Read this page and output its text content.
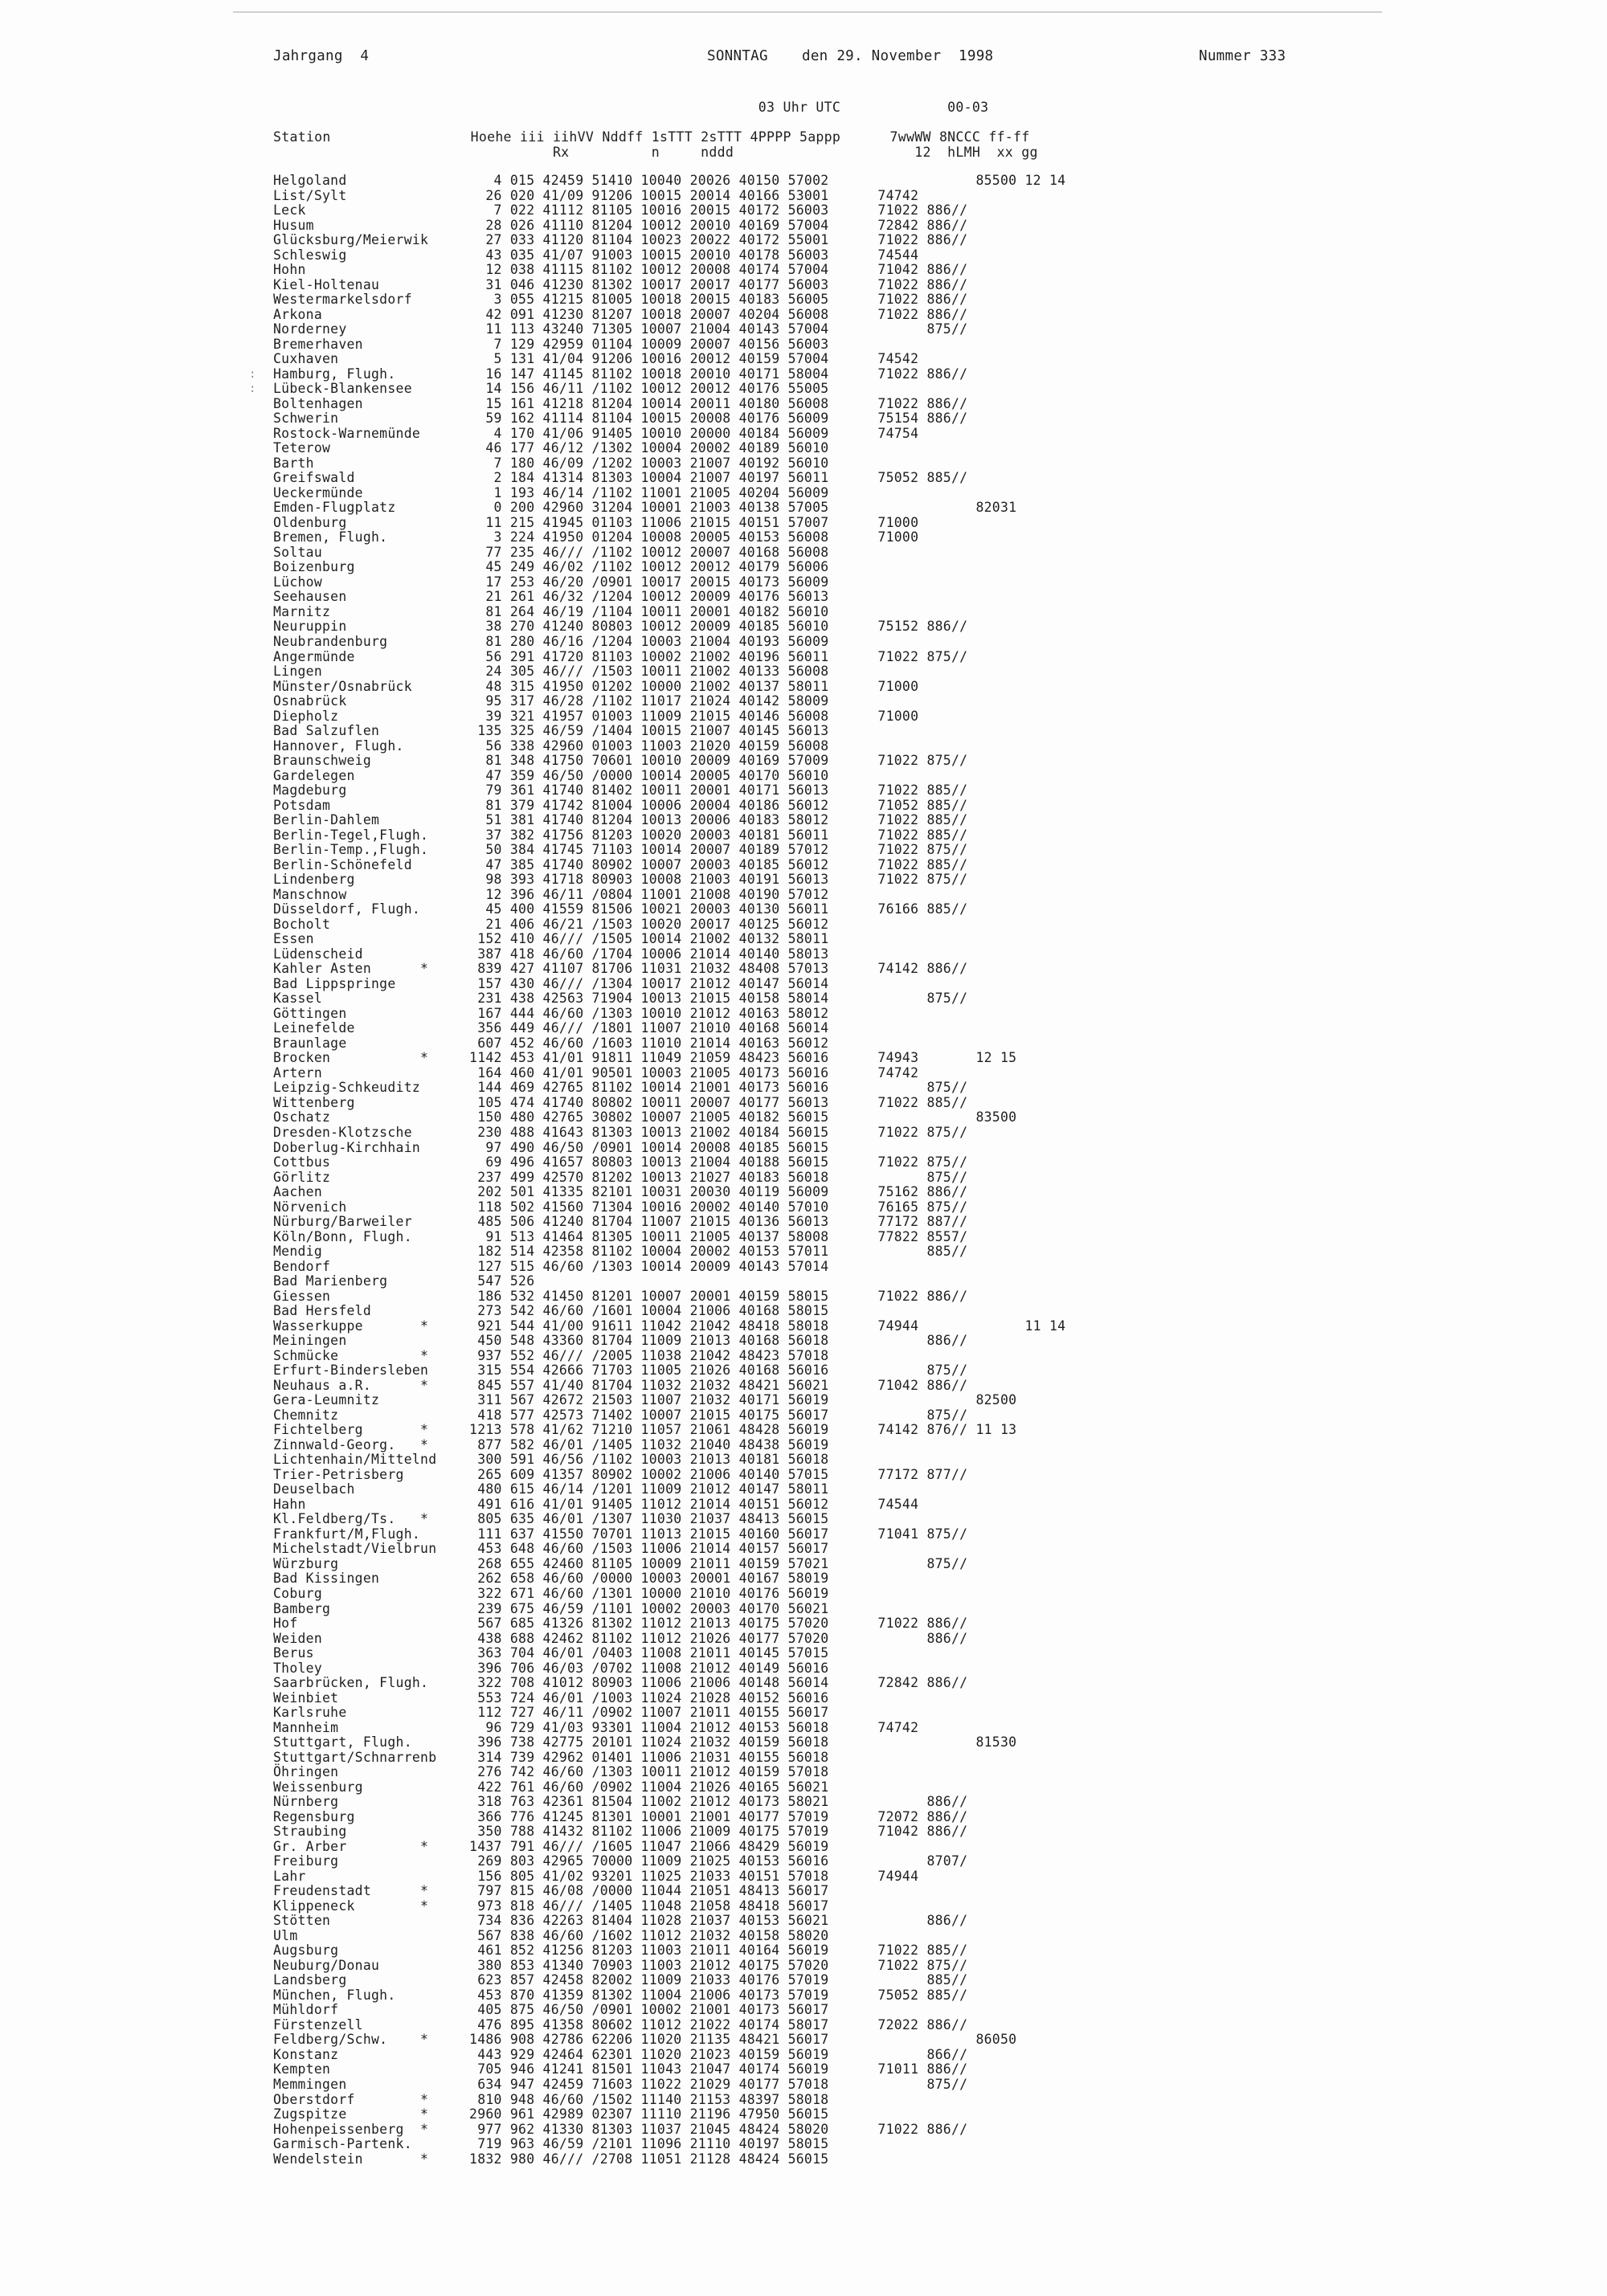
Jahrgang  4	SONNTAG den 29. November  1998	Nummer 333
03 Uhr UTC             00-03
Station                 Hoehe iii iihVV Nddff 1sTTT 2sTTT 4PPPP 5appp      7wwWW 8NCCC ff-ff
Rx          n     nddd                      12  hLMH  xx gg
Helgoland                  4 015 42459 51410 10040 20026 40150 57002                  85500 12 14
List/Sylt                 26 020 41/09 91206 10015 20014 40166 53001      74742
Leck                       7 022 41112 81105 10016 20015 40172 56003      71022 886//
Husum                     28 026 41110 81204 10012 20010 40169 57004      72842 886//
Glücksburg/Meierwik       27 033 41120 81104 10023 20022 40172 55001      71022 886//
Schleswig                 43 035 41/07 91003 10015 20010 40178 56003      74544
Hohn                      12 038 41115 81102 10012 20008 40174 57004      71042 886//
Kiel-Holtenau             31 046 41230 81302 10017 20017 40177 56003      71022 886//
Westermarkelsdorf          3 055 41215 81005 10018 20015 40183 56005      71022 886//
Arkona                    42 091 41230 81207 10018 20007 40204 56008      71022 886//
Norderney                 11 113 43240 71305 10007 21004 40143 57004            875//
Bremerhaven                7 129 42959 01104 10009 20007 40156 56003
Cuxhaven                   5 131 41/04 91206 10016 20012 40159 57004      74542
Hamburg, Flugh.           16 147 41145 81102 10018 20010 40171 58004      71022 886//
Lübeck-Blankensee         14 156 46/11 /1102 10012 20012 40176 55005
Boltenhagen               15 161 41218 81204 10014 20011 40180 56008      71022 886//
Schwerin                  59 162 41114 81104 10015 20008 40176 56009      75154 886//
Rostock-Warnemünde         4 170 41/06 91405 10010 20000 40184 56009      74754
Teterow                   46 177 46/12 /1302 10004 20002 40189 56010
Barth                      7 180 46/09 /1202 10003 21007 40192 56010
Greifswald                 2 184 41314 81303 10004 21007 40197 56011      75052 885//
Ueckermünde                1 193 46/14 /1102 11001 21005 40204 56009
Emden-Flugplatz            0 200 42960 31204 10001 21003 40138 57005                  82031
Oldenburg                 11 215 41945 01103 11006 21015 40151 57007      71000
Bremen, Flugh.             3 224 41950 01204 10008 20005 40153 56008      71000
Soltau                    77 235 46/// /1102 10012 20007 40168 56008
Boizenburg                45 249 46/02 /1102 10012 20012 40179 56006
Lüchow                    17 253 46/20 /0901 10017 20015 40173 56009
Seehausen                 21 261 46/32 /1204 10012 20009 40176 56013
Marnitz                   81 264 46/19 /1104 10011 20001 40182 56010
Neuruppin                 38 270 41240 80803 10012 20009 40185 56010      75152 886//
Neubrandenburg            81 280 46/16 /1204 10003 21004 40193 56009
Angermünde                56 291 41720 81103 10002 21002 40196 56011      71022 875//
Lingen                    24 305 46/// /1503 10011 21002 40133 56008
Münster/Osnabrück         48 315 41950 01202 10000 21002 40137 58011      71000
Osnabrück                 95 317 46/28 /1102 11017 21024 40142 58009
Diepholz                  39 321 41957 01003 11009 21015 40146 56008      71000
Bad Salzuflen            135 325 46/59 /1404 10015 21007 40145 56013
Hannover, Flugh.          56 338 42960 01003 11003 21020 40159 56008
Braunschweig              81 348 41750 70601 10010 20009 40169 57009      71022 875//
Gardelegen                47 359 46/50 /0000 10014 20005 40170 56010
Magdeburg                 79 361 41740 81402 10011 20001 40171 56013      71022 885//
Potsdam                   81 379 41742 81004 10006 20004 40186 56012      71052 885//
Berlin-Dahlem             51 381 41740 81204 10013 20006 40183 58012      71022 885//
Berlin-Tegel,Flugh.       37 382 41756 81203 10020 20003 40181 56011      71022 885//
Berlin-Temp.,Flugh.       50 384 41745 71103 10014 20007 40189 57012      71022 875//
Berlin-Schönefeld         47 385 41740 80902 10007 20003 40185 56012      71022 885//
Lindenberg                98 393 41718 80903 10008 21003 40191 56013      71022 875//
Manschnow                 12 396 46/11 /0804 11001 21008 40190 57012
Düsseldorf, Flugh.        45 400 41559 81506 10021 20003 40130 56011      76166 885//
Bocholt                   21 406 46/21 /1503 10020 20017 40125 56012
Essen                    152 410 46/// /1505 10014 21002 40132 58011
Lüdenscheid              387 418 46/60 /1704 10006 21014 40140 58013
Kahler Asten      *      839 427 41107 81706 11031 21032 48408 57013      74142 886//
Bad Lippspringe          157 430 46/// /1304 10017 21012 40147 56014
Kassel                   231 438 42563 71904 10013 21015 40158 58014            875//
Göttingen                167 444 46/60 /1303 10010 21012 40163 58012
Leinefelde               356 449 46/// /1801 11007 21010 40168 56014
Braunlage                607 452 46/60 /1603 11010 21014 40163 56012
Brocken           *     1142 453 41/01 91811 11049 21059 48423 56016      74943       12 15
Artern                   164 460 41/01 90501 10003 21005 40173 56016      74742
Leipzig-Schkeuditz       144 469 42765 81102 10014 21001 40173 56016            875//
Wittenberg               105 474 41740 80802 10011 20007 40177 56013      71022 885//
Oschatz                  150 480 42765 30802 10007 21005 40182 56015                  83500
Dresden-Klotzsche        230 488 41643 81303 10013 21002 40184 56015      71022 875//
Doberlug-Kirchhain        97 490 46/50 /0901 10014 20008 40185 56015
Cottbus                   69 496 41657 80803 10013 21004 40188 56015      71022 875//
Görlitz                  237 499 42570 81202 10013 21027 40183 56018            875//
Aachen                   202 501 41335 82101 10031 20030 40119 56009      75162 886//
Nörvenich                118 502 41560 71304 10016 20002 40140 57010      76165 875//
Nürburg/Barweiler        485 506 41240 81704 11007 21015 40136 56013      77172 887//
Köln/Bonn, Flugh.         91 513 41464 81305 10011 21005 40137 58008      77822 8557/
Mendig                   182 514 42358 81102 10004 20002 40153 57011            885//
Bendorf                  127 515 46/60 /1303 10014 20009 40143 57014
Bad Marienberg           547 526
Giessen                  186 532 41450 81201 10007 20001 40159 58015      71022 886//
Bad Hersfeld             273 542 46/60 /1601 10004 21006 40168 58015
Wasserkuppe       *      921 544 41/00 91611 11042 21042 48418 58018      74944             11 14
Meiningen                450 548 43360 81704 11009 21013 40168 56018            886//
Schmücke          *      937 552 46/// /2005 11038 21042 48423 57018
Erfurt-Bindersleben      315 554 42666 71703 11005 21026 40168 56016            875//
Neuhaus a.R.      *      845 557 41/40 81704 11032 21032 48421 56021      71042 886//
Gera-Leumnitz            311 567 42672 21503 11007 21032 40171 56019                  82500
Chemnitz                 418 577 42573 71402 10007 21015 40175 56017            875//
Fichtelberg       *     1213 578 41/62 71210 11057 21061 48428 56019      74142 876// 11 13
Zinnwald-Georg.   *      877 582 46/01 /1405 11032 21040 48438 56019
Lichtenhain/Mittelnd     300 591 46/56 /1102 10003 21013 40181 56018
Trier-Petrisberg         265 609 41357 80902 10002 21006 40140 57015      77172 877//
Deuselbach               480 615 46/14 /1201 11009 21012 40147 58011
Hahn                     491 616 41/01 91405 11012 21014 40151 56012      74544
Kl.Feldberg/Ts.   *      805 635 46/01 /1307 11030 21037 48413 56015
Frankfurt/M,Flugh.       111 637 41550 70701 11013 21015 40160 56017      71041 875//
Michelstadt/Vielbrun     453 648 46/60 /1503 11006 21014 40157 56017
Würzburg                 268 655 42460 81105 10009 21011 40159 57021            875//
Bad Kissingen            262 658 46/60 /0000 10003 20001 40167 58019
Coburg                   322 671 46/60 /1301 10000 21010 40176 56019
Bamberg                  239 675 46/59 /1101 10002 20003 40170 56021
Hof                      567 685 41326 81302 11012 21013 40175 57020      71022 886//
Weiden                   438 688 42462 81102 11012 21026 40177 57020            886//
Berus                    363 704 46/01 /0403 11008 21011 40145 57015
Tholey                   396 706 46/03 /0702 11008 21012 40149 56016
Saarbrücken, Flugh.      322 708 41012 80903 11006 21006 40148 56014      72842 886//
Weinbiet                 553 724 46/01 /1003 11024 21028 40152 56016
Karlsruhe                112 727 46/11 /0902 11007 21011 40155 56017
Mannheim                  96 729 41/03 93301 11004 21012 40153 56018      74742
Stuttgart, Flugh.        396 738 42775 20101 11024 21032 40159 56018                  81530
Stuttgart/Schnarrenb     314 739 42962 01401 11006 21031 40155 56018
Öhringen                 276 742 46/60 /1303 10011 21012 40159 57018
Weissenburg              422 761 46/60 /0902 11004 21026 40165 56021
Nürnberg                 318 763 42361 81504 11002 21012 40173 58021            886//
Regensburg               366 776 41245 81301 10001 21001 40177 57019      72072 886//
Straubing                350 788 41432 81102 11006 21009 40175 57019      71042 886//
Gr. Arber         *     1437 791 46/// /1605 11047 21066 48429 56019
Freiburg                 269 803 42965 70000 11009 21025 40153 56016            8707/
Lahr                     156 805 41/02 93201 11025 21033 40151 57018      74944
Freudenstadt      *      797 815 46/08 /0000 11044 21051 48413 56017
Klippeneck        *      973 818 46/// /1405 11048 21058 48418 56017
Stötten                  734 836 42263 81404 11028 21037 40153 56021            886//
Ulm                      567 838 46/60 /1602 11012 21032 40158 58020
Augsburg                 461 852 41256 81203 11003 21011 40164 56019      71022 885//
Neuburg/Donau            380 853 41340 70903 11003 21012 40175 57020      71022 875//
Landsberg                623 857 42458 82002 11009 21033 40176 57019            885//
München, Flugh.          453 870 41359 81302 11004 21006 40173 57019      75052 885//
Mühldorf                 405 875 46/50 /0901 10002 21001 40173 56017
Fürstenzell              476 895 41358 80602 11012 21022 40174 58017      72022 886//
Feldberg/Schw.    *     1486 908 42786 62206 11020 21135 48421 56017                  86050
Konstanz                 443 929 42464 62301 11020 21023 40159 56019            866//
Kempten                  705 946 41241 81501 11043 21047 40174 56019      71011 886//
Memmingen                634 947 42459 71603 11022 21029 40177 57018            875//
Oberstdorf        *      810 948 46/60 /1502 11140 21153 48397 58018
Zugspitze         *     2960 961 42989 02307 11110 21196 47950 56015
Hohenpeissenberg  *      977 962 41330 81303 11037 21045 48424 58020      71022 886//
Garmisch-Partenk.        719 963 46/59 /2101 11096 21110 40197 58015
Wendelstein       *     1832 980 46/// /2708 11051 21128 48424 56015
:
:
